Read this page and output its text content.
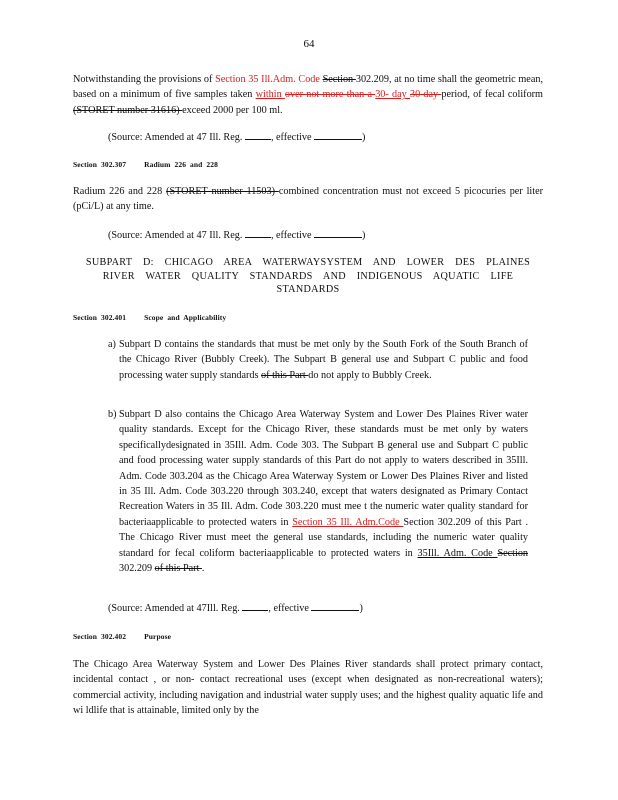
64
Notwithstanding the provisions of Section 35 Ill.Adm. Code Section 302.209, at no time shall the geometric mean, based on a minimum of five samples taken within over not more than a 30- day 30 day period, of fecal coliform (STORET number 31616) exceed 2000 per 100 ml.
(Source: Amended at 47 Ill. Reg.	, effective	)
Section 302.307 Radium 226 and 228
Radium 226 and 228 (STORET number 11503) combined concentration must not exceed 5 picocuries per liter (pCi/L) at any time.
(Source: Amended at 47 Ill. Reg.	, effective	)
SUBPART D: CHICAGO AREA WATERWAYSYSTEM AND LOWER DES PLAINES
RIVER WATER QUALITY STANDARDS AND INDIGENOUS AQUATIC LIFE
STANDARDS
Section 302.401 Scope and Applicability
a) Subpart D contains the standards that must be met only by the South Fork of the South Branch of the Chicago River (Bubbly Creek). The Subpart B general use and Subpart C public and food processing water supply standards of this Part do not apply to Bubbly Creek.
b) Subpart D also contains the Chicago Area Waterway System and Lower Des Plaines River water quality standards. Except for the Chicago River, these standards must be met only by waters specificallydesignated in 35Ill. Adm. Code 303. The Subpart B general use and Subpart C public and food processing water supply standards of this Part do not apply to waters described in 35Ill. Adm. Code 303.204 as the Chicago Area Waterway System or Lower Des Plaines River and listed in 35 Ill. Adm. Code 303.220 through 303.240, except that waters designated as Primary Contact Recreation Waters in 35 Ill. Adm. Code 303.220 must mee t the numeric water quality standard for bacteriaapplicable to protected waters in Section 35 Ill. Adm.Code Section 302.209 of this Part . The Chicago River must meet the general use standards, including the numeric water quality standard for fecal coliform bacteriaapplicable to protected waters in 35Ill. Adm. Code Section 302.209 of this Part .
(Source: Amended at 47Ill. Reg.	, effective	)
Section 302.402 Purpose
The Chicago Area Waterway System and Lower Des Plaines River standards shall protect primary contact, incidental contact , or non- contact recreational uses (except when designated as non-recreational waters); commercial activity, including navigation and industrial water supply uses; and the highest quality aquatic life and wi ldlife that is attainable, limited only by the
